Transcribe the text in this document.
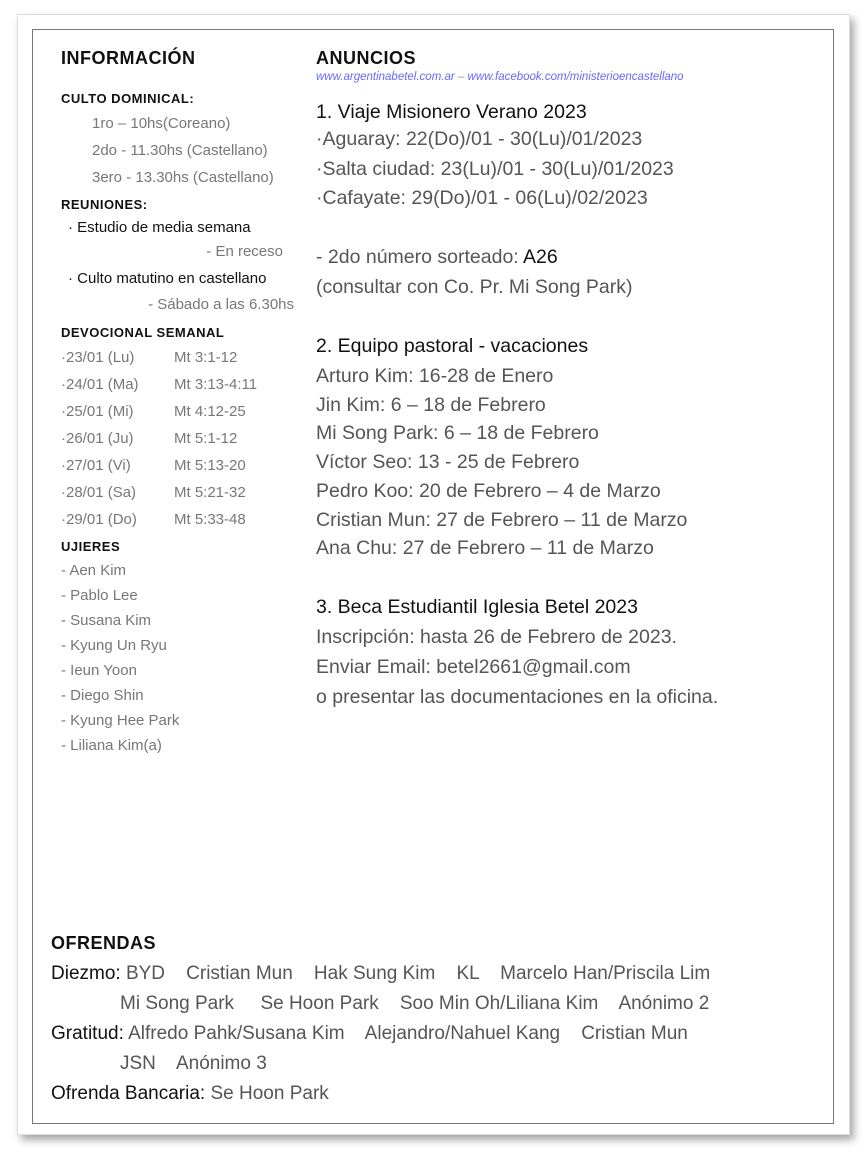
INFORMACIÓN
CULTO DOMINICAL:
1ro – 10hs(Coreano)
2do - 11.30hs (Castellano)
3ero - 13.30hs (Castellano)
REUNIONES:
· Estudio de media semana
- En receso
· Culto matutino en castellano
- Sábado a las 6.30hs
DEVOCIONAL SEMANAL
·23/01 (Lu)	Mt 3:1-12
·24/01 (Ma) Mt 3:13-4:11
·25/01 (Mi)	Mt 4:12-25
·26/01 (Ju)	Mt 5:1-12
·27/01 (Vi)	Mt 5:13-20
·28/01 (Sa)	Mt 5:21-32
·29/01 (Do) Mt 5:33-48
UJIERES
- Aen Kim
- Pablo Lee
- Susana Kim
- Kyung Un Ryu
- Ieun Yoon
- Diego Shin
- Kyung Hee Park
- Liliana Kim(a)
ANUNCIOS
www.argentinabetel.com.ar – www.facebook.com/ministerioencastellano
1. Viaje Misionero Verano 2023
·Aguaray: 22(Do)/01 - 30(Lu)/01/2023
·Salta ciudad: 23(Lu)/01 - 30(Lu)/01/2023
·Cafayate: 29(Do)/01 - 06(Lu)/02/2023
- 2do número sorteado: A26
(consultar con Co. Pr. Mi Song Park)
2. Equipo pastoral - vacaciones
Arturo Kim: 16-28 de Enero
Jin Kim: 6 – 18 de Febrero
Mi Song Park: 6 – 18 de Febrero
Víctor Seo: 13 - 25 de Febrero
Pedro Koo: 20 de Febrero – 4 de Marzo
Cristian Mun: 27 de Febrero – 11 de Marzo
Ana Chu: 27 de Febrero – 11 de Marzo
3. Beca Estudiantil Iglesia Betel 2023
Inscripción: hasta 26 de Febrero de 2023.
Enviar Email: betel2661@gmail.com
o presentar las documentaciones en la oficina.
OFRENDAS
Diezmo: BYD    Cristian Mun    Hak Sung Kim    KL    Marcelo Han/Priscila Lim
Mi Song Park     Se Hoon Park    Soo Min Oh/Liliana Kim    Anónimo 2
Gratitud: Alfredo Pahk/Susana Kim    Alejandro/Nahuel Kang    Cristian Mun
JSN    Anónimo 3
Ofrenda Bancaria: Se Hoon Park
